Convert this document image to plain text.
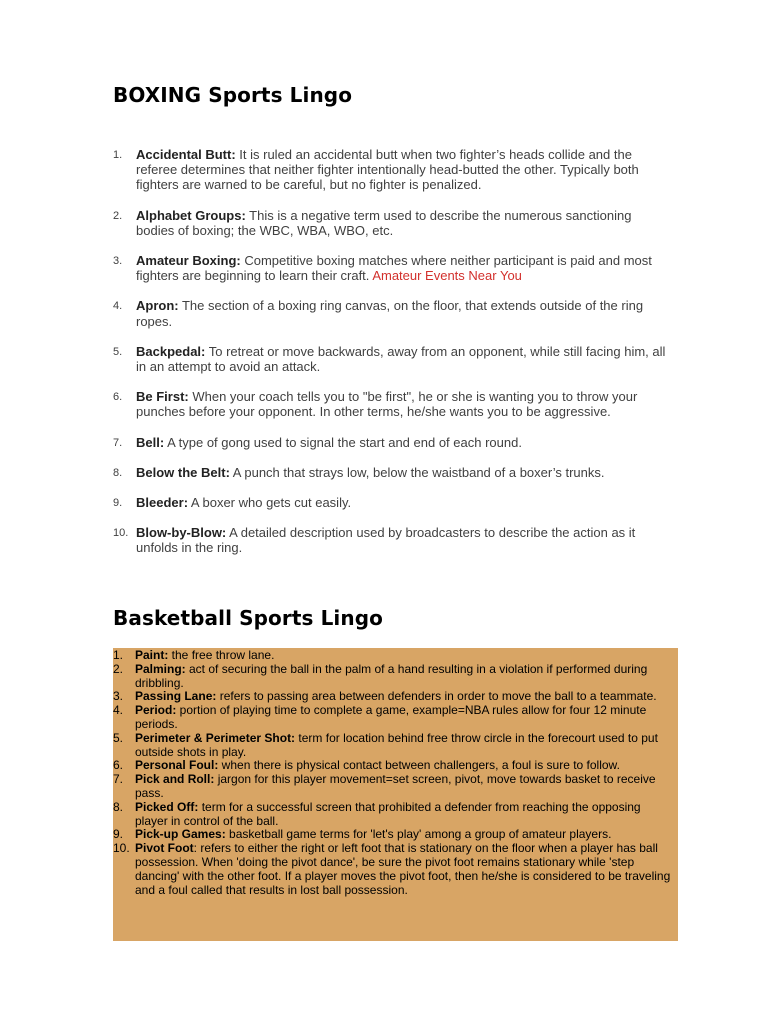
BOXING Sports Lingo
1. Accidental Butt: It is ruled an accidental butt when two fighter’s heads collide and the referee determines that neither fighter intentionally head-butted the other. Typically both fighters are warned to be careful, but no fighter is penalized.
2. Alphabet Groups: This is a negative term used to describe the numerous sanctioning bodies of boxing; the WBC, WBA, WBO, etc.
3. Amateur Boxing: Competitive boxing matches where neither participant is paid and most fighters are beginning to learn their craft. Amateur Events Near You
4. Apron: The section of a boxing ring canvas, on the floor, that extends outside of the ring ropes.
5. Backpedal: To retreat or move backwards, away from an opponent, while still facing him, all in an attempt to avoid an attack.
6. Be First: When your coach tells you to "be first", he or she is wanting you to throw your punches before your opponent. In other terms, he/she wants you to be aggressive.
7. Bell: A type of gong used to signal the start and end of each round.
8. Below the Belt: A punch that strays low, below the waistband of a boxer’s trunks.
9. Bleeder: A boxer who gets cut easily.
10. Blow-by-Blow: A detailed description used by broadcasters to describe the action as it unfolds in the ring.
Basketball Sports Lingo
1. Paint: the free throw lane.
2. Palming: act of securing the ball in the palm of a hand resulting in a violation if performed during dribbling.
3. Passing Lane: refers to passing area between defenders in order to move the ball to a teammate.
4. Period: portion of playing time to complete a game, example=NBA rules allow for four 12 minute periods.
5. Perimeter & Perimeter Shot: term for location behind free throw circle in the forecourt used to put outside shots in play.
6. Personal Foul: when there is physical contact between challengers, a foul is sure to follow.
7. Pick and Roll: jargon for this player movement=set screen, pivot, move towards basket to receive pass.
8. Picked Off: term for a successful screen that prohibited a defender from reaching the opposing player in control of the ball.
9. Pick-up Games: basketball game terms for 'let's play' among a group of amateur players.
10. Pivot Foot: refers to either the right or left foot that is stationary on the floor when a player has ball possession. When 'doing the pivot dance', be sure the pivot foot remains stationary while 'step dancing' with the other foot. If a player moves the pivot foot, then he/she is considered to be traveling and a foul called that results in lost ball possession.
